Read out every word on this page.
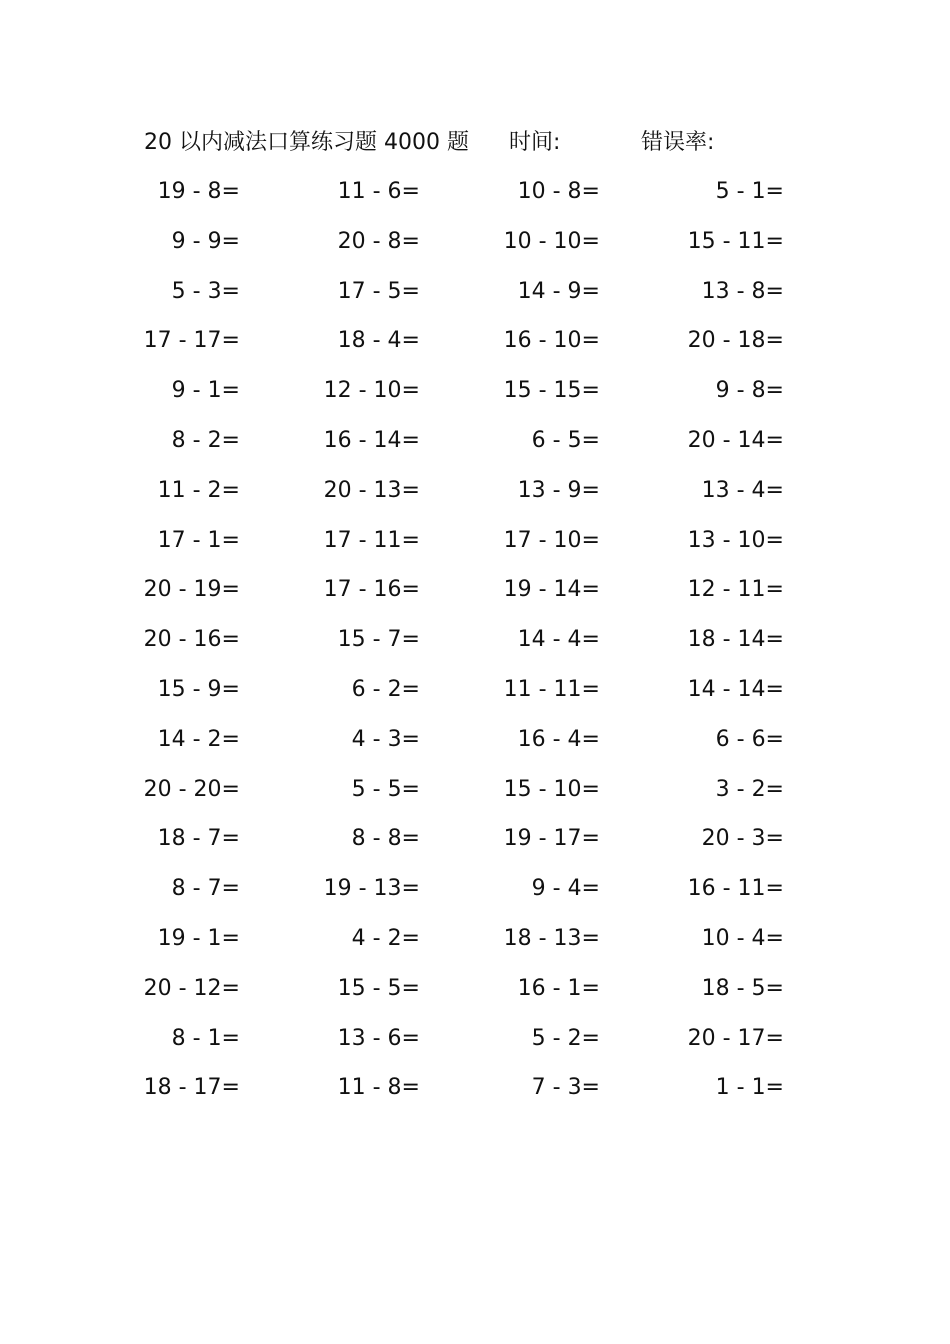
20 以内减法口算练习题 4000 题 时间:	错误率:
19 - 8=	11 - 6=	10 - 8=	5 - 1=
9 - 9=	20 - 8=	10 - 10=	15 - 11=
5 - 3=	17 - 5=	14 - 9=	13 - 8=
17 - 17=	18 - 4=	16 - 10=	20 - 18=
9 - 1=	12 - 10=	15 - 15=	9 - 8=
8 - 2=	16 - 14=	6 - 5=	20 - 14=
11 - 2=	20 - 13=	13 - 9=	13 - 4=
17 - 1=	17 - 11=	17 - 10=	13 - 10=
20 - 19=	17 - 16=	19 - 14=	12 - 11=
20 - 16=	15 - 7=	14 - 4=	18 - 14=
15 - 9=	6 - 2=	11 - 11=	14 - 14=
14 - 2=	4 - 3=	16 - 4=	6 - 6=
20 - 20=	5 - 5=	15 - 10=	3 - 2=
18 - 7=	8 - 8=	19 - 17=	20 - 3=
8 - 7=	19 - 13=	9 - 4=	16 - 11=
19 - 1=	4 - 2=	18 - 13=	10 - 4=
20 - 12=	15 - 5=	16 - 1=	18 - 5=
8 - 1=	13 - 6=	5 - 2=	20 - 17=
18 - 17=	11 - 8=	7 - 3=	1 - 1=
